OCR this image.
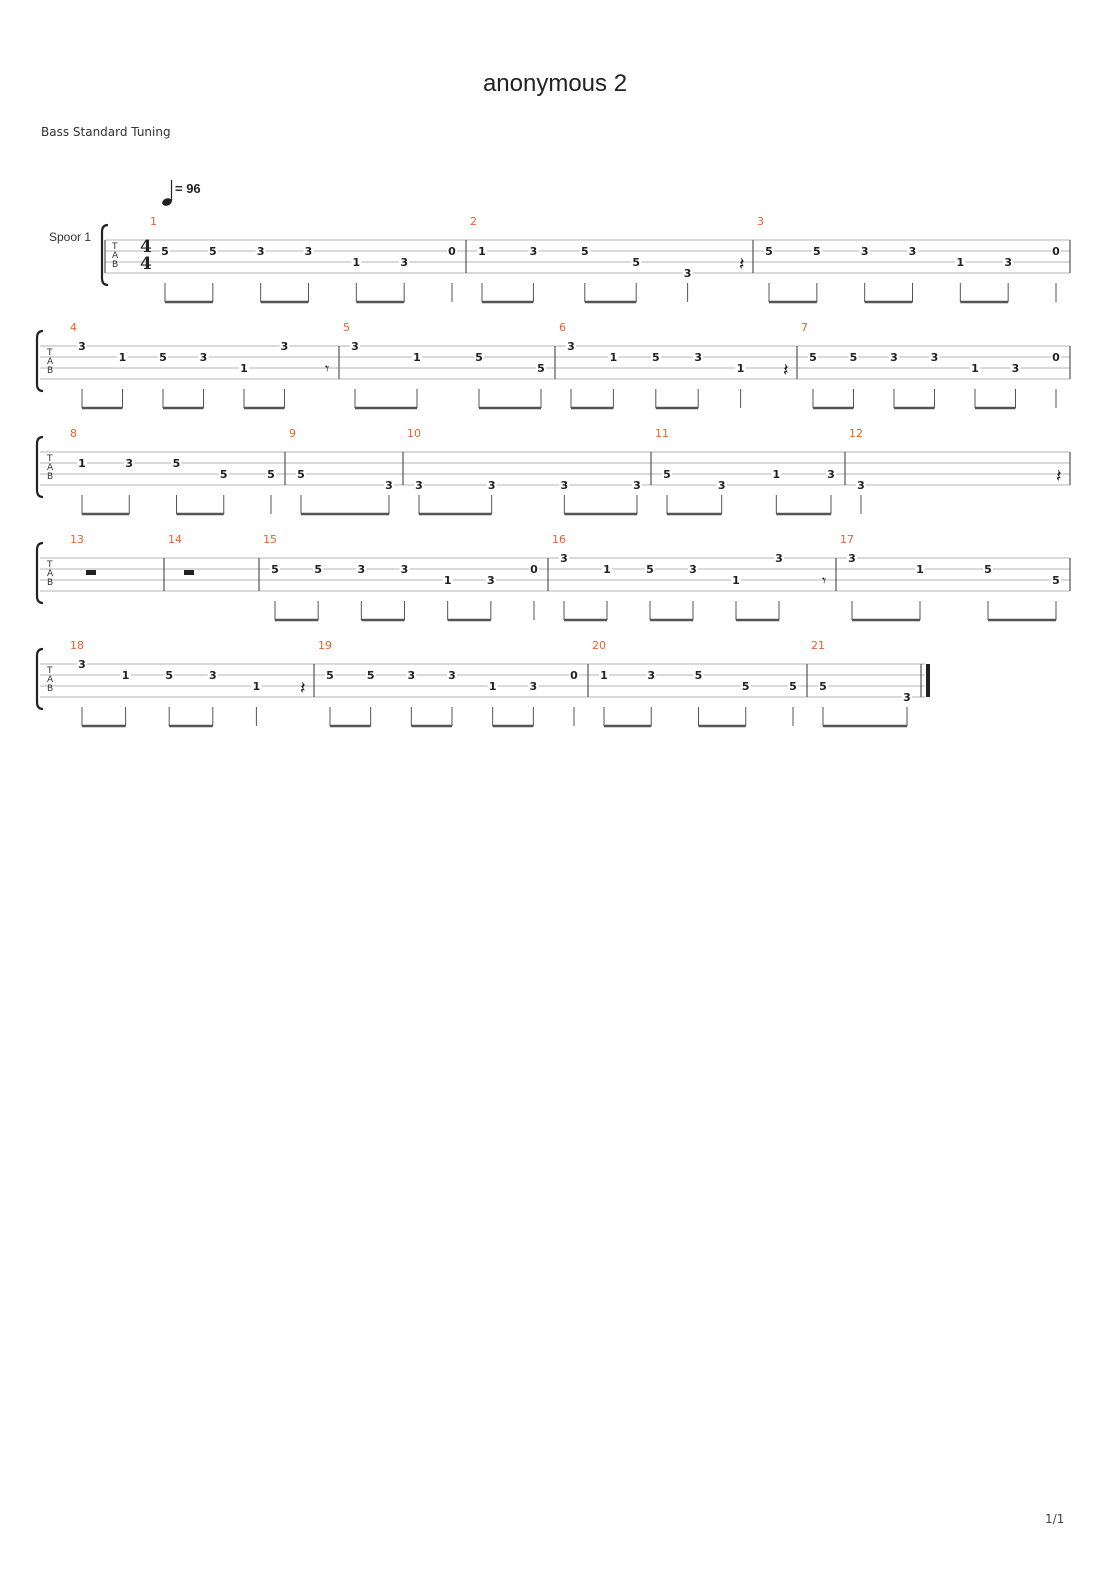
anonymous 2
Bass Standard Tuning
= 96
Spoor 1
T
A
B
4
4
1
5	5	3	3
1	3
0
2
1	3	5
5
3	𝄽
3
5	5	3	3
1	3
0
T
A
B
4
3
1	5	3
1
3
𝄾
5
3
1	5
5
6
3
1	5	3
1 𝄽
7
5	5	3	3
1	3
0
T
A
B
8
1	3	5
5	5
9
5
3
10
3	3	3	3
11
5
3
1	3
12
3	𝄽
T
A
B
13	14	15
5	5	3	3
1	3
0
16
3
1	5	3
1
3
𝄾
17
3
1	5
5
T
A
B
18
3
1	5	3
1 𝄽
19
5	5	3	3
1	3
0
20
1	3	5
5	5
21
5
3
1/1
